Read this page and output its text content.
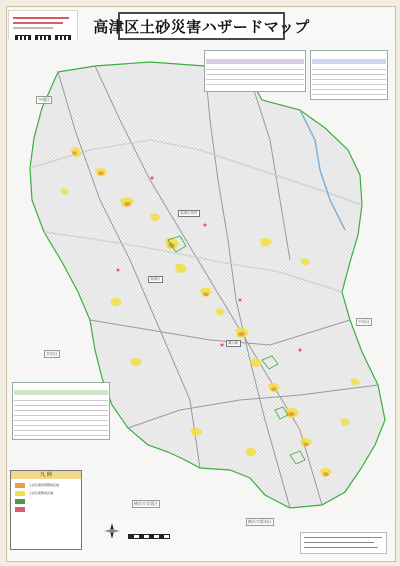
高津区土砂災害ハザードマップ
高津区役所
高津区
溝口駅
多摩区
中原区
宮前区
横浜市青葉区
横浜市都筑区
凡 例
土砂災害特別警戒区域
土砂災害警戒区域
